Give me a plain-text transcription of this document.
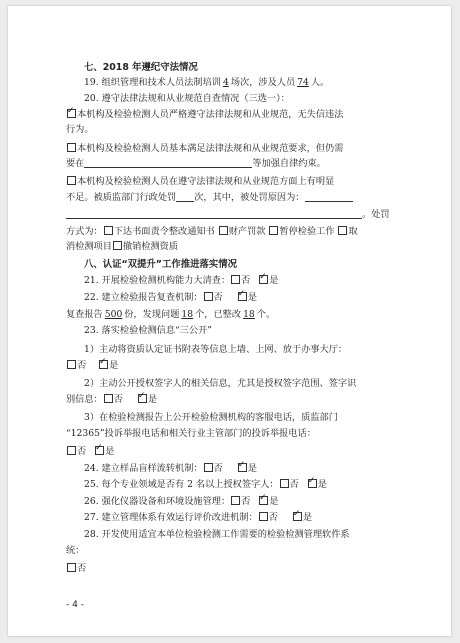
七、2018 年遵纪守法情况
19. 组织管理和技术人员法制培训 4 场次，涉及人员 74 人。
20. 遵守法律法规和从业规范自查情况（三选一）：
✓本机构及检验检测人员严格遵守法律法规和从业规范，无失信违法
行为。
本机构及检验检测人员基本满足法律法规和从业规范要求，但仍需
要在	等加强自律约束。
本机构及检验检测人员在遵守法律法规和从业规范方面上有明显
不足。被质监部门行政处罚 次，其中，被处罚原因为：
。处罚
方式为： 下达书面责令整改通知书 财产罚款 暂停检验工作 取
消检测项目 撤销检测资质
八、认证“双提升”工作推进落实情况
21. 开展检验检测机构能力大清查： 否 ✓ 是
22. 建立检验报告复查机制： 否 ✓	是
复查报告 500 份，发现问题 18 个，已整改 18 个。
23. 落实检验检测信息“三公开”
1）主动将资质认定证书附表等信息上墙、上网、放于办事大厅：
否 ✓ 是
2）主动公开授权签字人的相关信息，尤其是授权签字范围、签字识
别信息： 否 ✓	是
3）在检验检测报告上公开检验检测机构的客服电话，质监部门
“12365”投诉举报电话和相关行业主管部门的投诉举报电话：
否 ✓ 是
24. 建立样品盲样流转机制： 否 ✓	是
25. 每个专业领域是否有 2 名以上授权签字人： 否 ✓ 是
26. 强化仪器设备和环境设施管理： 否 ✓ 是
27. 建立管理体系有效运行评价改进机制： 否 ✓	是
28. 开发使用适宜本单位检验检测工作需要的检验检测管理软件系
统：
否
- 4 -
